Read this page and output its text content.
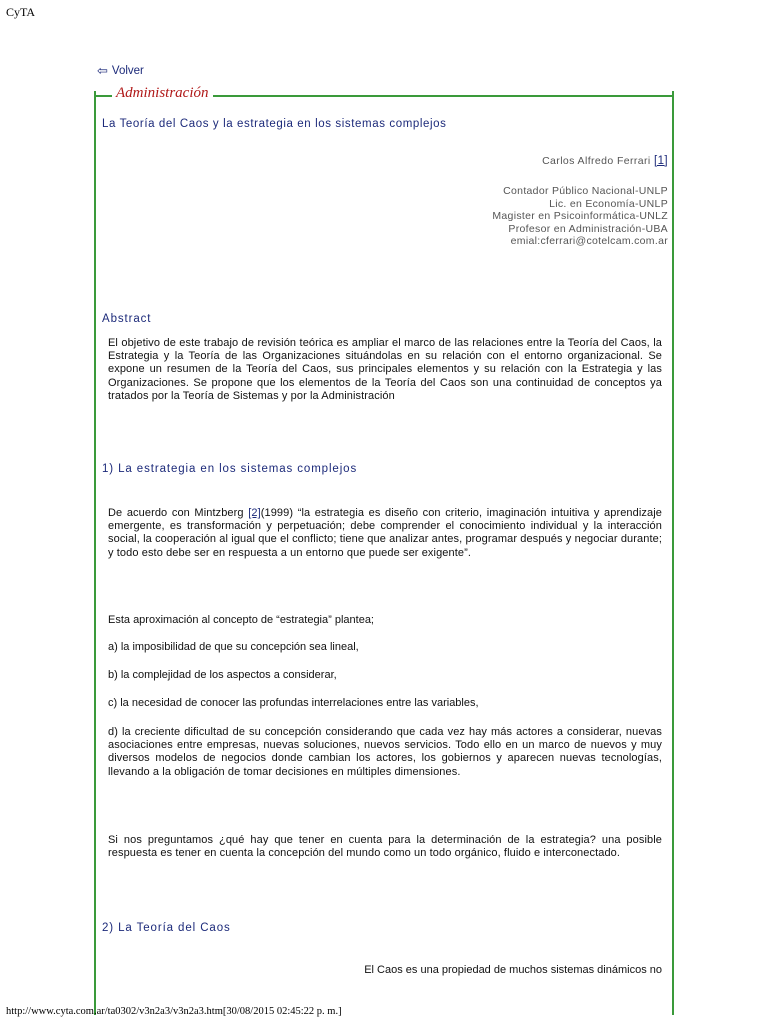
CyTA
⇦ Volver
Administración
La Teoría del Caos y la estrategia en los sistemas complejos
Carlos Alfredo Ferrari [1]
Contador Público Nacional-UNLP
Lic. en Economía-UNLP
Magister en Psicoinformática-UNLZ
Profesor en Administración-UBA
emial:cferrari@cotelcam.com.ar
Abstract
El objetivo de este trabajo de revisión teórica es ampliar el marco de las relaciones entre la Teoría del Caos, la Estrategia y la Teoría de las Organizaciones situándolas en su relación con el entorno organizacional. Se expone un resumen de la Teoría del Caos, sus principales elementos y su relación con la Estrategia y las Organizaciones. Se propone que los elementos de la Teoría del Caos son una continuidad de conceptos ya tratados por la Teoría de Sistemas y por la Administración
1) La estrategia en los sistemas complejos
De acuerdo con Mintzberg [2](1999) “la estrategia es diseño con criterio, imaginación intuitiva y aprendizaje emergente, es transformación y perpetuación; debe comprender el conocimiento individual y la interacción social, la cooperación al igual que el conflicto; tiene que analizar antes, programar después y negociar durante; y todo esto debe ser en respuesta a un entorno que puede ser exigente”.
Esta aproximación al concepto de “estrategia” plantea;
a) la imposibilidad de que su concepción sea lineal,
b) la complejidad de los aspectos a considerar,
c) la necesidad de conocer las profundas interrelaciones entre las variables,
d) la creciente dificultad de su concepción considerando que cada vez hay más actores a considerar, nuevas asociaciones entre empresas, nuevas soluciones, nuevos servicios. Todo ello en un marco de nuevos y muy diversos modelos de negocios donde cambian los actores, los gobiernos y aparecen nuevas tecnologías, llevando a la obligación de tomar decisiones en múltiples dimensiones.
Si nos preguntamos ¿qué hay que tener en cuenta para la determinación de la estrategia? una posible respuesta es tener en cuenta la concepción del mundo como un todo orgánico, fluido e interconectado.
2) La Teoría del Caos
El Caos es una propiedad de muchos sistemas dinámicos no
http://www.cyta.com.ar/ta0302/v3n2a3/v3n2a3.htm[30/08/2015 02:45:22 p. m.]
